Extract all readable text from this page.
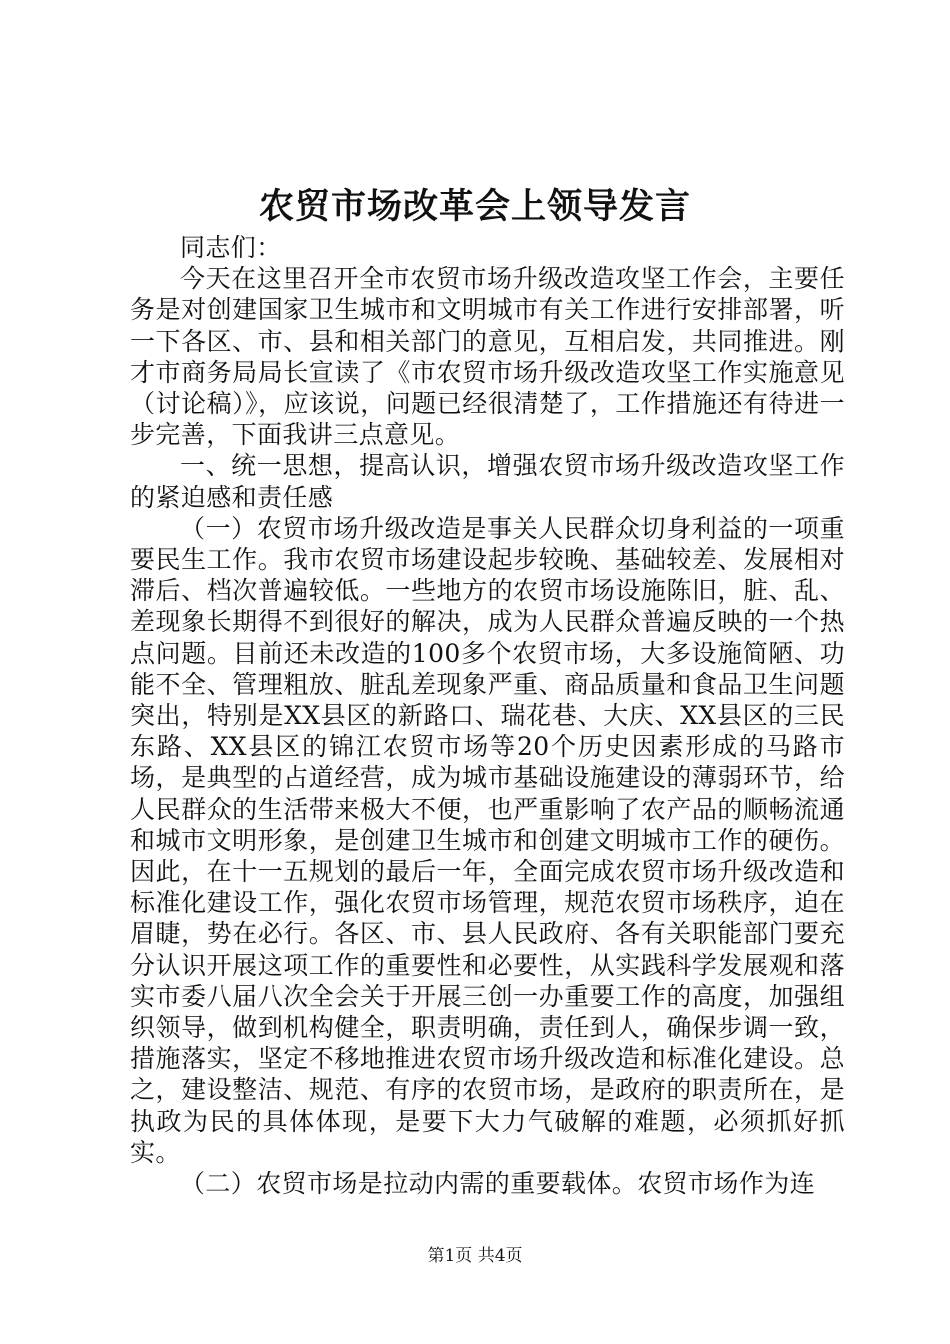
农贸市场改革会上领导发言

同志们：

今天在这里召开全市农贸市场升级改造攻坚工作会，主要任务是对创建国家卫生城市和文明城市有关工作进行安排部署，听一下各区、市、县和相关部门的意见，互相启发，共同推进。刚才市商务局局长宣读了《市农贸市场升级改造攻坚工作实施意见（讨论稿）》，应该说，问题已经很清楚了，工作措施还有待进一步完善，下面我讲三点意见。

一、统一思想，提高认识，增强农贸市场升级改造攻坚工作的紧迫感和责任感

（一）农贸市场升级改造是事关人民群众切身利益的一项重要民生工作。我市农贸市场建设起步较晚、基础较差、发展相对滞后、档次普遍较低。一些地方的农贸市场设施陈旧，脏、乱、差现象长期得不到很好的解决，成为人民群众普遍反映的一个热点问题。目前还未改造的100多个农贸市场，大多设施简陋、功能不全、管理粗放、脏乱差现象严重、商品质量和食品卫生问题突出，特别是XX县区的新路口、瑞花巷、大庆、XX县区的三民东路、XX县区的锦江农贸市场等20个历史因素形成的马路市场，是典型的占道经营，成为城市基础设施建设的薄弱环节，给人民群众的生活带来极大不便，也严重影响了农产品的顺畅流通和城市文明形象，是创建卫生城市和创建文明城市工作的硬伤。因此，在十一五规划的最后一年，全面完成农贸市场升级改造和标准化建设工作，强化农贸市场管理，规范农贸市场秩序，迫在眉睫，势在必行。各区、市、县人民政府、各有关职能部门要充分认识开展这项工作的重要性和必要性，从实践科学发展观和落实市委八届八次全会关于开展三创一办重要工作的高度，加强组织领导，做到机构健全，职责明确，责任到人，确保步调一致，措施落实，坚定不移地推进农贸市场升级改造和标准化建设。总之，建设整洁、规范、有序的农贸市场，是政府的职责所在，是执政为民的具体体现，是要下大力气破解的难题，必须抓好抓实。

（二）农贸市场是拉动内需的重要载体。农贸市场作为连

第1页 共4页
